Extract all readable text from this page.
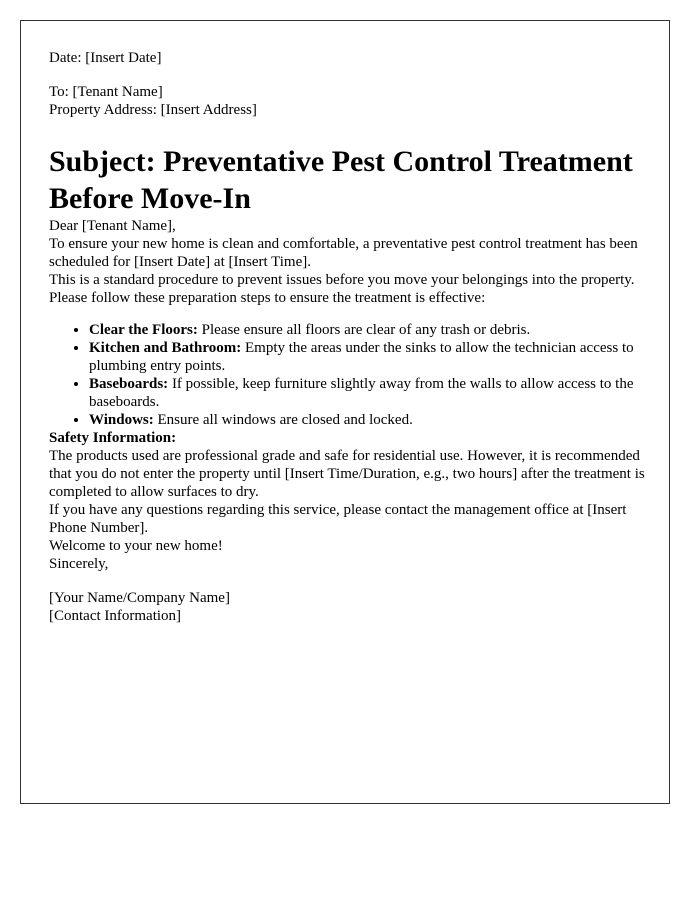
Date: [Insert Date]

To: [Tenant Name]

Property Address: [Insert Address]

Subject: Preventative Pest Control Treatment Before Move-In

Dear [Tenant Name],

To ensure your new home is clean and comfortable, a preventative pest control treatment has been scheduled for [Insert Date] at [Insert Time].

This is a standard procedure to prevent issues before you move your belongings into the property. Please follow these preparation steps to ensure the treatment is effective:

• Clear the Floors: Please ensure all floors are clear of any trash or debris.
• Kitchen and Bathroom: Empty the areas under the sinks to allow the technician access to plumbing entry points.
• Baseboards: If possible, keep furniture slightly away from the walls to allow access to the baseboards.
• Windows: Ensure all windows are closed and locked.

Safety Information:

The products used are professional grade and safe for residential use. However, it is recommended that you do not enter the property until [Insert Time/Duration, e.g., two hours] after the treatment is completed to allow surfaces to dry.

If you have any questions regarding this service, please contact the management office at [Insert Phone Number].

Welcome to your new home!

Sincerely,

[Your Name/Company Name]

[Contact Information]
